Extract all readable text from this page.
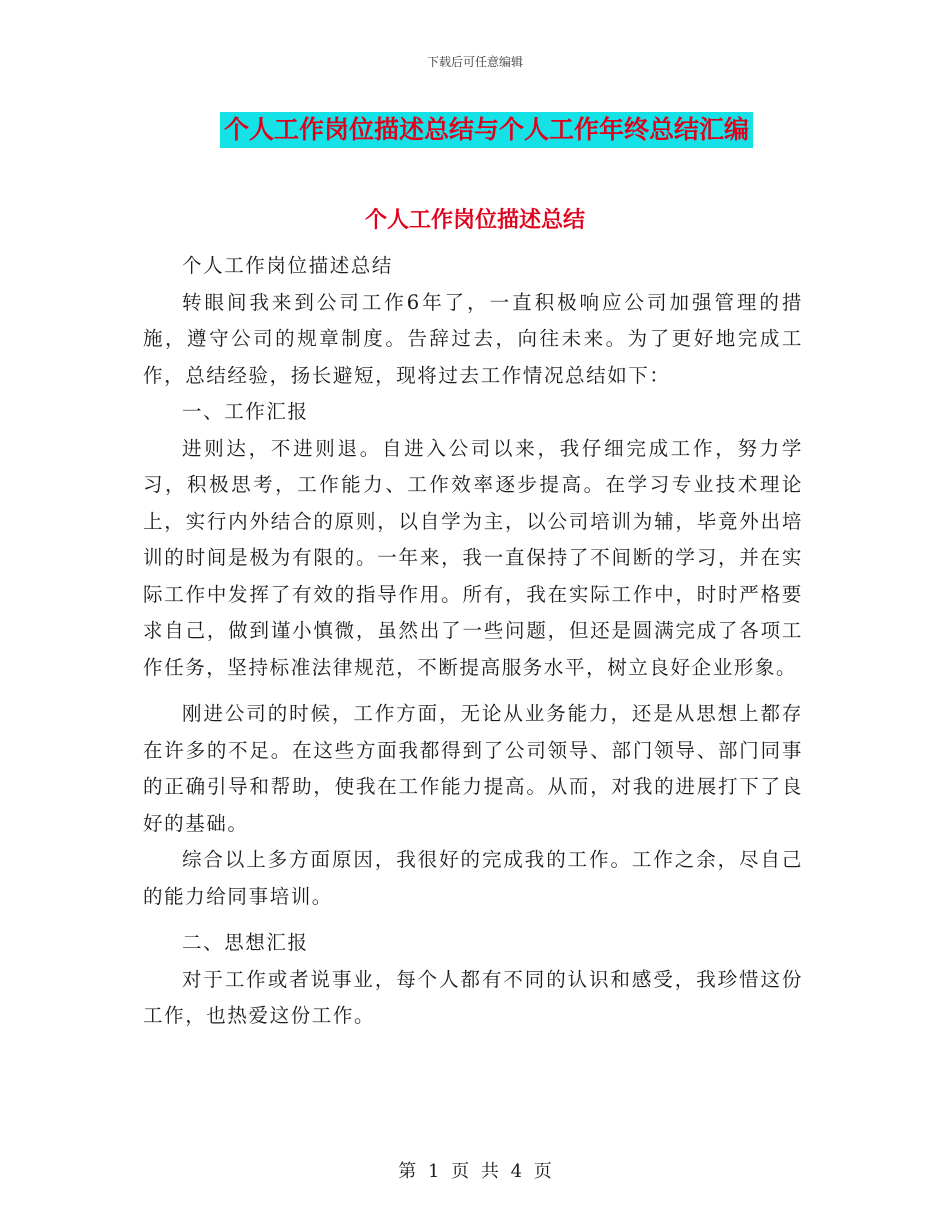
下载后可任意编辑
个人工作岗位描述总结与个人工作年终总结汇编
个人工作岗位描述总结

个人工作岗位描述总结

转眼间我来到公司工作6年了，一直积极响应公司加强管理的措施，遵守公司的规章制度。告辞过去，向往未来。为了更好地完成工作，总结经验，扬长避短，现将过去工作情况总结如下：

一、工作汇报

进则达，不进则退。自进入公司以来，我仔细完成工作，努力学习，积极思考，工作能力、工作效率逐步提高。在学习专业技术理论上，实行内外结合的原则，以自学为主，以公司培训为辅，毕竟外出培训的时间是极为有限的。一年来，我一直保持了不间断的学习，并在实际工作中发挥了有效的指导作用。所有，我在实际工作中，时时严格要求自己，做到谨小慎微，虽然出了一些问题，但还是圆满完成了各项工作任务，坚持标准法律规范，不断提高服务水平，树立良好企业形象。

刚进公司的时候，工作方面，无论从业务能力，还是从思想上都存在许多的不足。在这些方面我都得到了公司领导、部门领导、部门同事的正确引导和帮助，使我在工作能力提高。从而，对我的进展打下了良好的基础。

综合以上多方面原因，我很好的完成我的工作。工作之余，尽自己的能力给同事培训。

二、思想汇报

对于工作或者说事业，每个人都有不同的认识和感受，我珍惜这份工作，也热爱这份工作。

第 1 页 共 4 页
